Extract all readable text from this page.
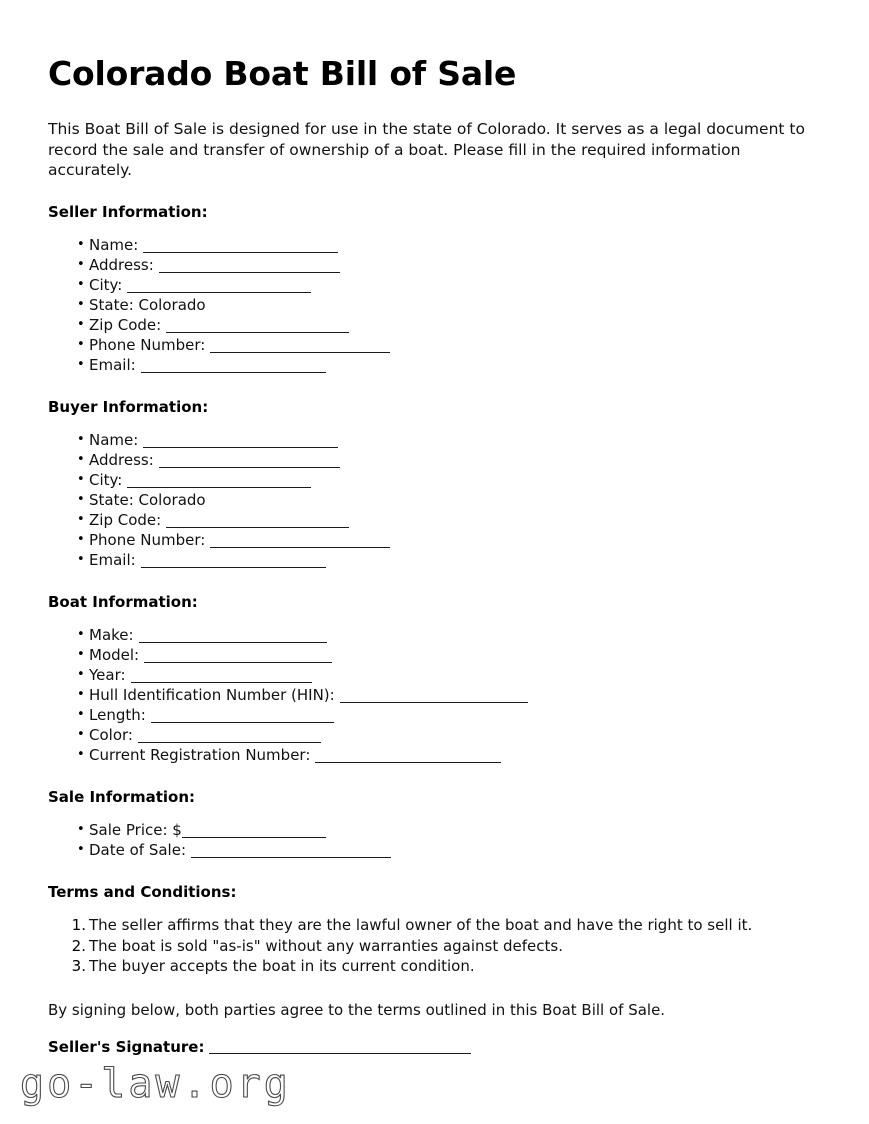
Colorado Boat Bill of Sale

This Boat Bill of Sale is designed for use in the state of Colorado. It serves as a legal document to record the sale and transfer of ownership of a boat. Please fill in the required information accurately.

Seller Information:
• Name:
• Address:
• City:
• State: Colorado
• Zip Code:
• Phone Number:
• Email:
Buyer Information:
• Name:
• Address:
• City:
• State: Colorado
• Zip Code:
• Phone Number:
• Email:
Boat Information:
• Make:
• Model:
• Year:
• Hull Identification Number (HIN):
• Length:
• Color:
• Current Registration Number:
Sale Information:
• Sale Price: $
• Date of Sale:
Terms and Conditions:
The seller affirms that they are the lawful owner of the boat and have the right to sell it.
The boat is sold "as-is" without any warranties against defects.
The buyer accepts the boat in its current condition.

By signing below, both parties agree to the terms outlined in this Boat Bill of Sale.

Seller's Signature:
go-law.org
